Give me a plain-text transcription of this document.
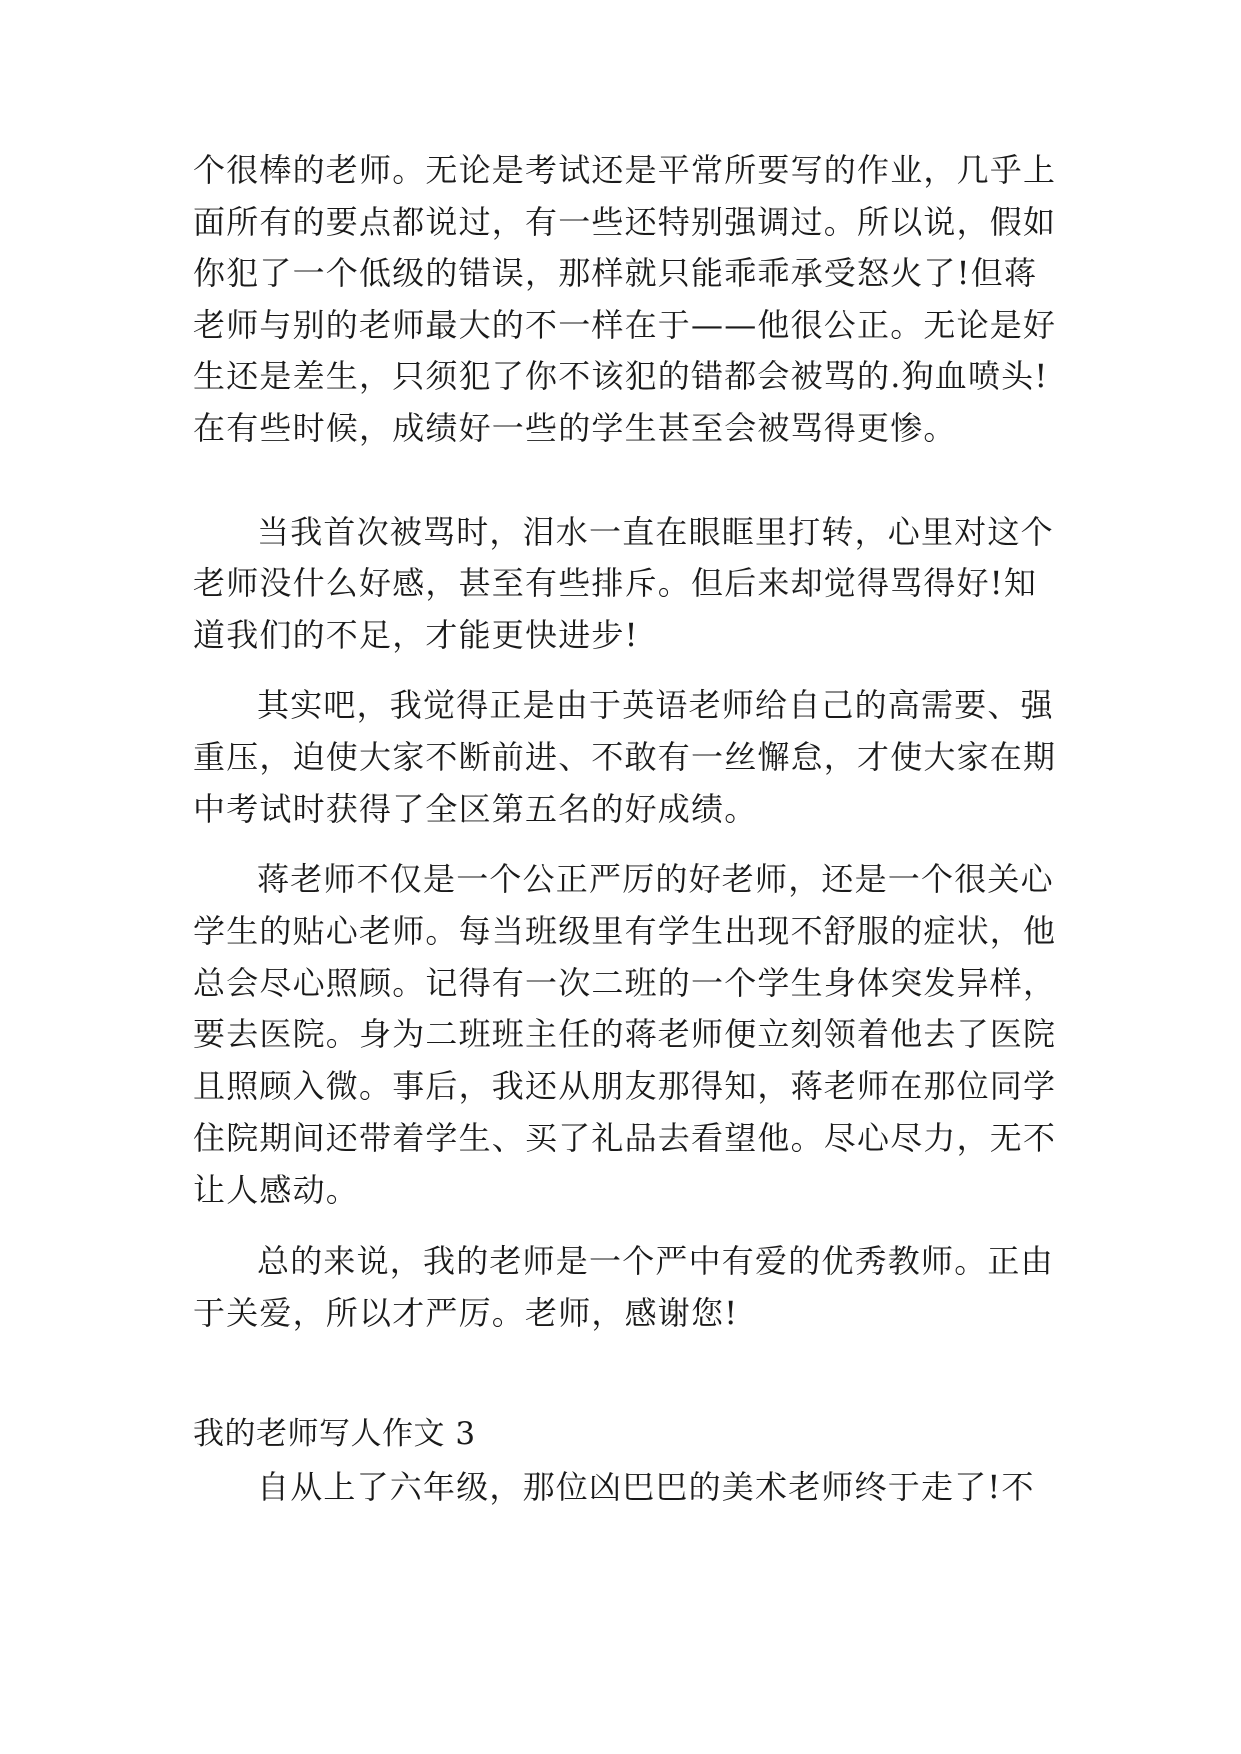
个很棒的老师。无论是考试还是平常所要写的作业，几乎上
面所有的要点都说过，有一些还特别强调过。所以说，假如
你犯了一个低级的错误，那样就只能乖乖承受怒火了!但蒋
老师与别的老师最大的不一样在于——他很公正。无论是好
生还是差生，只须犯了你不该犯的错都会被骂的.狗血喷头!
在有些时候，成绩好一些的学生甚至会被骂得更惨。
当我首次被骂时，泪水一直在眼眶里打转，心里对这个
老师没什么好感，甚至有些排斥。但后来却觉得骂得好!知
道我们的不足，才能更快进步!
其实吧，我觉得正是由于英语老师给自己的高需要、强
重压，迫使大家不断前进、不敢有一丝懈怠，才使大家在期
中考试时获得了全区第五名的好成绩。
蒋老师不仅是一个公正严厉的好老师，还是一个很关心
学生的贴心老师。每当班级里有学生出现不舒服的症状，他
总会尽心照顾。记得有一次二班的一个学生身体突发异样，
要去医院。身为二班班主任的蒋老师便立刻领着他去了医院
且照顾入微。事后，我还从朋友那得知，蒋老师在那位同学
住院期间还带着学生、买了礼品去看望他。尽心尽力，无不
让人感动。
总的来说，我的老师是一个严中有爱的优秀教师。正由
于关爱，所以才严厉。老师，感谢您!
我的老师写人作文 3
自从上了六年级，那位凶巴巴的美术老师终于走了!不
